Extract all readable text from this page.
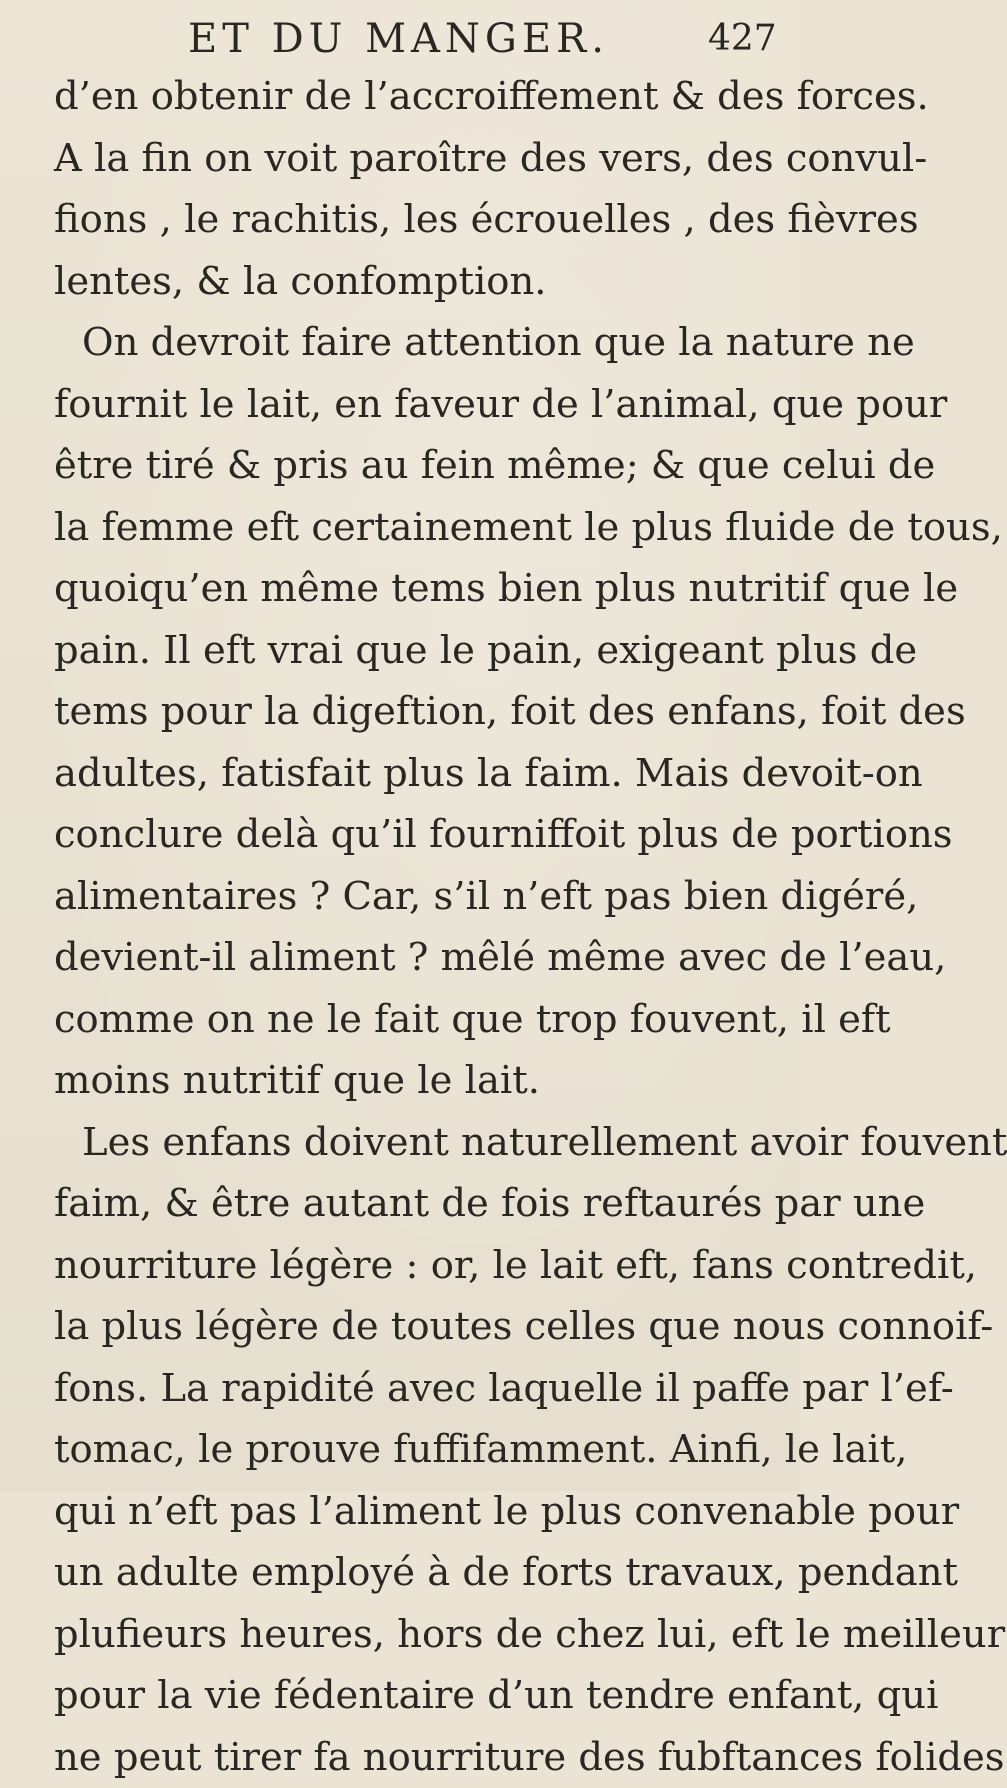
ET DU MANGER.	427
d’en obtenir de l’accroiffement & des forces.
A la fin on voit paroître des vers, des convul-
fions , le rachitis, les écrouelles , des fièvres
lentes, & la confomption.
On devroit faire attention que la nature ne
fournit le lait, en faveur de l’animal, que pour
être tiré & pris au fein même; & que celui de
la femme eft certainement le plus fluide de tous,
quoiqu’en même tems bien plus nutritif que le
pain. Il eft vrai que le pain, exigeant plus de
tems pour la digeftion, foit des enfans, foit des
adultes, fatisfait plus la faim. Mais devoit-on
conclure delà qu’il fourniffoit plus de portions
alimentaires ? Car, s’il n’eft pas bien digéré,
devient-il aliment ? mêlé même avec de l’eau,
comme on ne le fait que trop fouvent, il eft
moins nutritif que le lait.
Les enfans doivent naturellement avoir fouvent
faim, & être autant de fois reftaurés par une
nourriture légère : or, le lait eft, fans contredit,
la plus légère de toutes celles que nous connoif-
fons. La rapidité avec laquelle il paffe par l’ef-
tomac, le prouve fuffifamment. Ainfi, le lait,
qui n’eft pas l’aliment le plus convenable pour
un adulte employé à de forts travaux, pendant
plufieurs heures, hors de chez lui, eft le meilleur
pour la vie fédentaire d’un tendre enfant, qui
ne peut tirer fa nourriture des fubftances folides
